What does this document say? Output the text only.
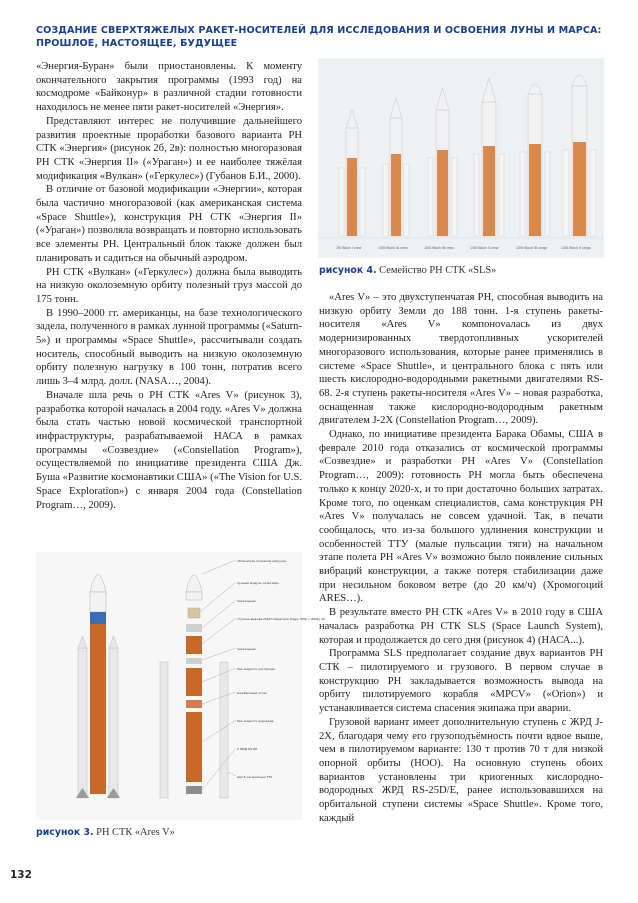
СОЗДАНИЕ СВЕРХТЯЖЕЛЫХ РАКЕТ-НОСИТЕЛЕЙ ДЛЯ ИССЛЕДОВАНИЯ И ОСВОЕНИЯ ЛУНЫ И МАРСА:
ПРОШЛОЕ, НАСТОЯЩЕЕ, БУДУЩЕЕ
70t Block I crew	105t Block IA crew	105t Block IB crew	130t Block II crew	105t Block IB cargo	130t Block II cargo
рисунок 4. Семейство РН СТК «SLS»

«Энергия-Буран» были приостановлены. К моменту окончательного закрытия программы (1993 год) на космодроме «Байконур» в различной стадии готовности находилось не менее пяти ракет-носителей «Энергия».

Представляют интерес не получившие дальнейшего развития проектные проработки базового варианта РН СТК «Энергия» (рисунок 2б, 2в): полностью многоразовая РН СТК «Энергия II» («Ураган») и ее наиболее тяжёлая модификация «Вулкан» («Геркулес») (Губанов Б.И., 2000).

В отличие от базовой модификации «Энергии», которая была частично многоразовой (как американская система «Space Shuttle»), конструкция РН СТК «Энергия II» («Ураган») позволяла возвращать и повторно использовать все элементы РН. Центральный блок также должен был планировать и садиться на обычный аэродром.

РН СТК «Вулкан» («Геркулес») должна была выводить на низкую околоземную орбиту полезный груз массой до 175 тонн.

В 1990–2000 гг. американцы, на базе технологического задела, полученного в рамках лунной программы («Saturn-5») и программы «Space Shuttle», рассчитывали создать носитель, способный выводить на низкую околоземную орбиту полезную нагрузку в 100 тонн, потратив всего лишь 3–4 млрд. долл. (NASA…, 2004).

Вначале шла речь о РН СТК «Ares V» (рисунок 3), разработка которой началась в 2004 году. «Ares V» должна была стать частью новой космической транспортной инфраструктуры, разрабатываемой НАСА в рамках программы «Созвездие» («Constellation Program»), осуществляемой по инициативе президента США Дж. Буша «Развитие космонавтики США» («The Vision for U.S. Space Exploration») с января 2004 года (Constellation Program…, 2009).

«Ares V» – это двухступенчатая РН, способная выводить на низкую орбиту Земли до 188 тонн. 1-я ступень ракеты-носителя «Ares V» компонovалась из двух модернизированных твердотопливных ускорителей многоразового использования, которые ранее применялись в системе «Space Shuttle», и центрального блока с пять или шесть кислородно-водородными ракетными двигателями RS-68. 2-я ступень ракеты-носителя «Ares V» – новая разработка, оснащенная также кислородно-водородным ракетным двигателем J-2X (Constellation Program…, 2009).

Однако, по инициативе президента Барака Обамы, США в феврале 2010 года отказались от космической программы «Созвездие» и разработки РН «Ares V» (Constellation Program…, 2009): готовность РН могла быть обеспечена только к концу 2020-х, и то при достаточно больших затратах. Кроме того, по оценкам специалистов, сама конструкция РН «Ares V» получалась не совсем удачной. Так, в печати сообщалось, что из-за большого удлинения конструкции и особенностей ТТУ (малые пульсации тяги) на начальном этапе полета РН «Ares V» возможно было появление сильных вибраций конструкции, а также потеря стабилизации даже при несильном боковом ветре (до 20 км/ч) (Хромогоций ARES…).

В результате вместо РН СТК «Ares V» в 2010 году в США началась разработка РН СТК SLS (Space Launch System), которая и продолжается до сего дня (рисунок 4) (НАСА...).

Программа SLS предполагает создание двух вариантов РН СТК – пилотируемого и грузового. В первом случае в конструкцию РН закладывается возможность вывода на орбиту пилотируемого корабля «MPCV» («Orion») и устанавливается система спасения экипажа при аварии.

Грузовой вариант имеет дополнительную ступень с ЖРД J-2X, благодаря чему его грузоподъёмность почти вдвое выше, чем в пилотируемом варианте: 130 т против 70 т для низкой опорной орбиты (НОО). На основную ступень обоих вариантов установлены три криогенных кислородно-водородных ЖРД RS-25D/E, ранее использовавшихся на орбитальной ступени системы «Space Shuttle». Кроме того, каждый

обтекатель полезной нагрузки
лунный модуль «Альтаир»
переходник
ступень вывода (Earth Departure Stage, EDS) с ЖРД J-2X
переходник
бак жидкого кислорода
межбаковый отсек
бак жидкого водорода
5 ЖРД RS-68
два 5-сегментных ТТУ
рисунок 3. РН СТК «Ares V»
132
